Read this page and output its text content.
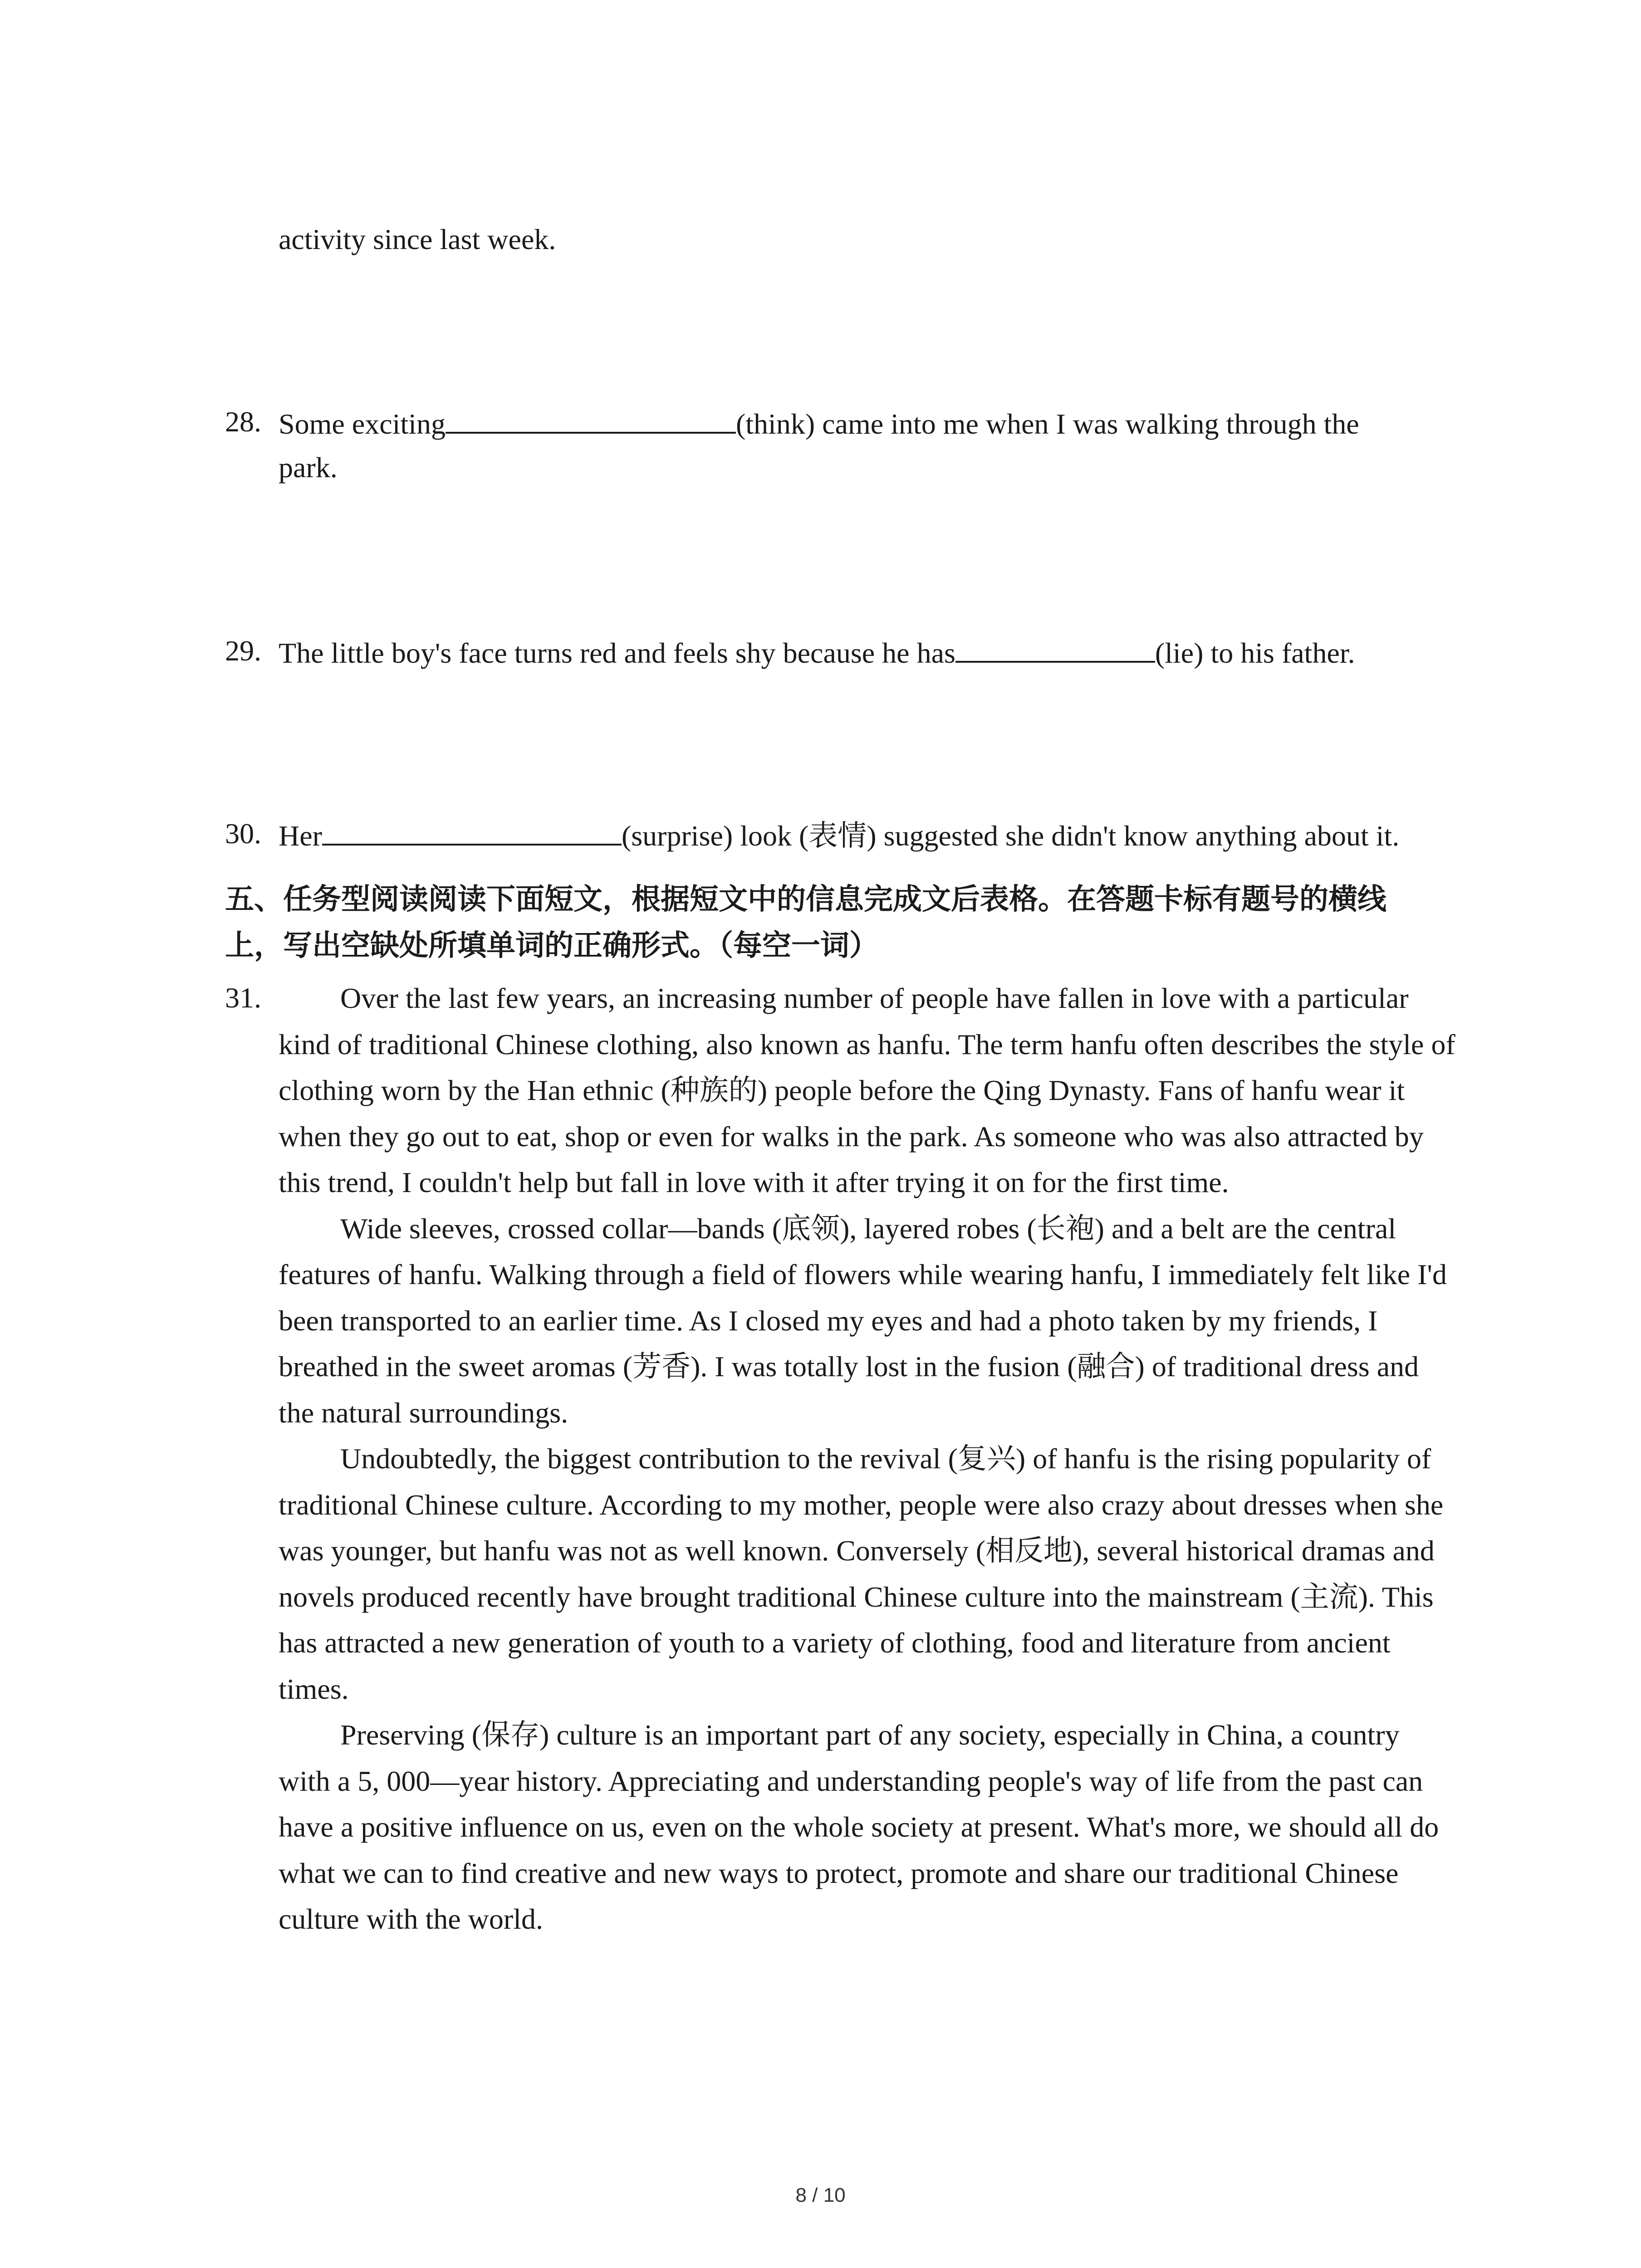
activity since last week.
28. Some exciting	(think) came into me when I was walking through the
park.
29. The little boy's face turns red and feels shy because he has	(lie) to his father.
30. Her	(surprise) look (表情) suggested she didn't know anything about it.
五、任务型阅读阅读下面短文，根据短文中的信息完成文后表格。在答题卡标有题号的横线
上，写出空缺处所填单词的正确形式。（每空一词）
31.	Over the last few years, an increasing number of people have fallen in love with a particular kind of traditional Chinese clothing, also known as hanfu. The term hanfu often describes the style of clothing worn by the Han ethnic (种族的) people before the Qing Dynasty. Fans of hanfu wear it when they go out to eat, shop or even for walks in the park. As someone who was also attracted by this trend, I couldn't help but fall in love with it after trying it on for the first time.

Wide sleeves, crossed collar—bands (底领), layered robes (长袍) and a belt are the central features of hanfu. Walking through a field of flowers while wearing hanfu, I immediately felt like I'd been transported to an earlier time. As I closed my eyes and had a photo taken by my friends, I breathed in the sweet aromas (芳香). I was totally lost in the fusion (融合) of traditional dress and the natural surroundings.

Undoubtedly, the biggest contribution to the revival (复兴) of hanfu is the rising popularity of traditional Chinese culture. According to my mother, people were also crazy about dresses when she was younger, but hanfu was not as well known. Conversely (相反地), several historical dramas and novels produced recently have brought traditional Chinese culture into the mainstream (主流). This has attracted a new generation of youth to a variety of clothing, food and literature from ancient times.

Preserving (保存) culture is an important part of any society, especially in China, a country with a 5, 000—year history. Appreciating and understanding people's way of life from the past can have a positive influence on us, even on the whole society at present. What's more, we should all do what we can to find creative and new ways to protect, promote and share our traditional Chinese culture with the world.

8 / 10
